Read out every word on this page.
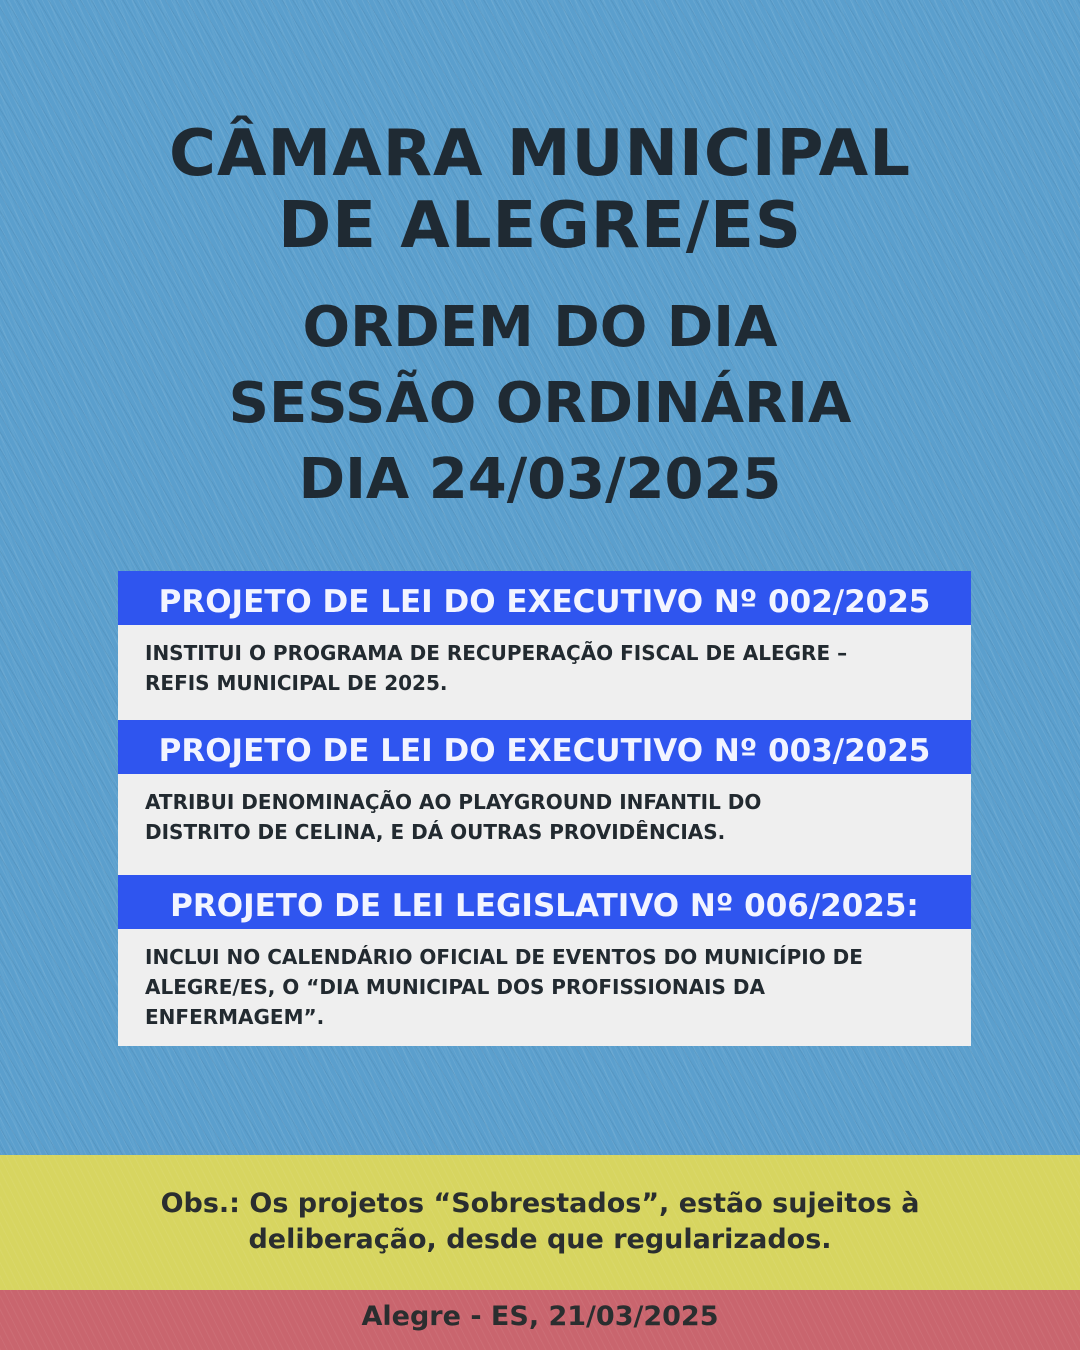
CÂMARA MUNICIPAL
DE ALEGRE/ES
ORDEM DO DIA
SESSÃO ORDINÁRIA
DIA 24/03/2025
PROJETO DE LEI DO EXECUTIVO Nº 002/2025
INSTITUI O PROGRAMA DE RECUPERAÇÃO FISCAL DE ALEGRE –
REFIS MUNICIPAL DE 2025.
PROJETO DE LEI DO EXECUTIVO Nº 003/2025
ATRIBUI DENOMINAÇÃO AO PLAYGROUND INFANTIL DO
DISTRITO DE CELINA, E DÁ OUTRAS PROVIDÊNCIAS.
PROJETO DE LEI LEGISLATIVO Nº 006/2025:
INCLUI NO CALENDÁRIO OFICIAL DE EVENTOS DO MUNICÍPIO DE
ALEGRE/ES, O “DIA MUNICIPAL DOS PROFISSIONAIS DA
ENFERMAGEM”.
Obs.: Os projetos “Sobrestados”, estão sujeitos à
deliberação, desde que regularizados.
Alegre - ES, 21/03/2025
